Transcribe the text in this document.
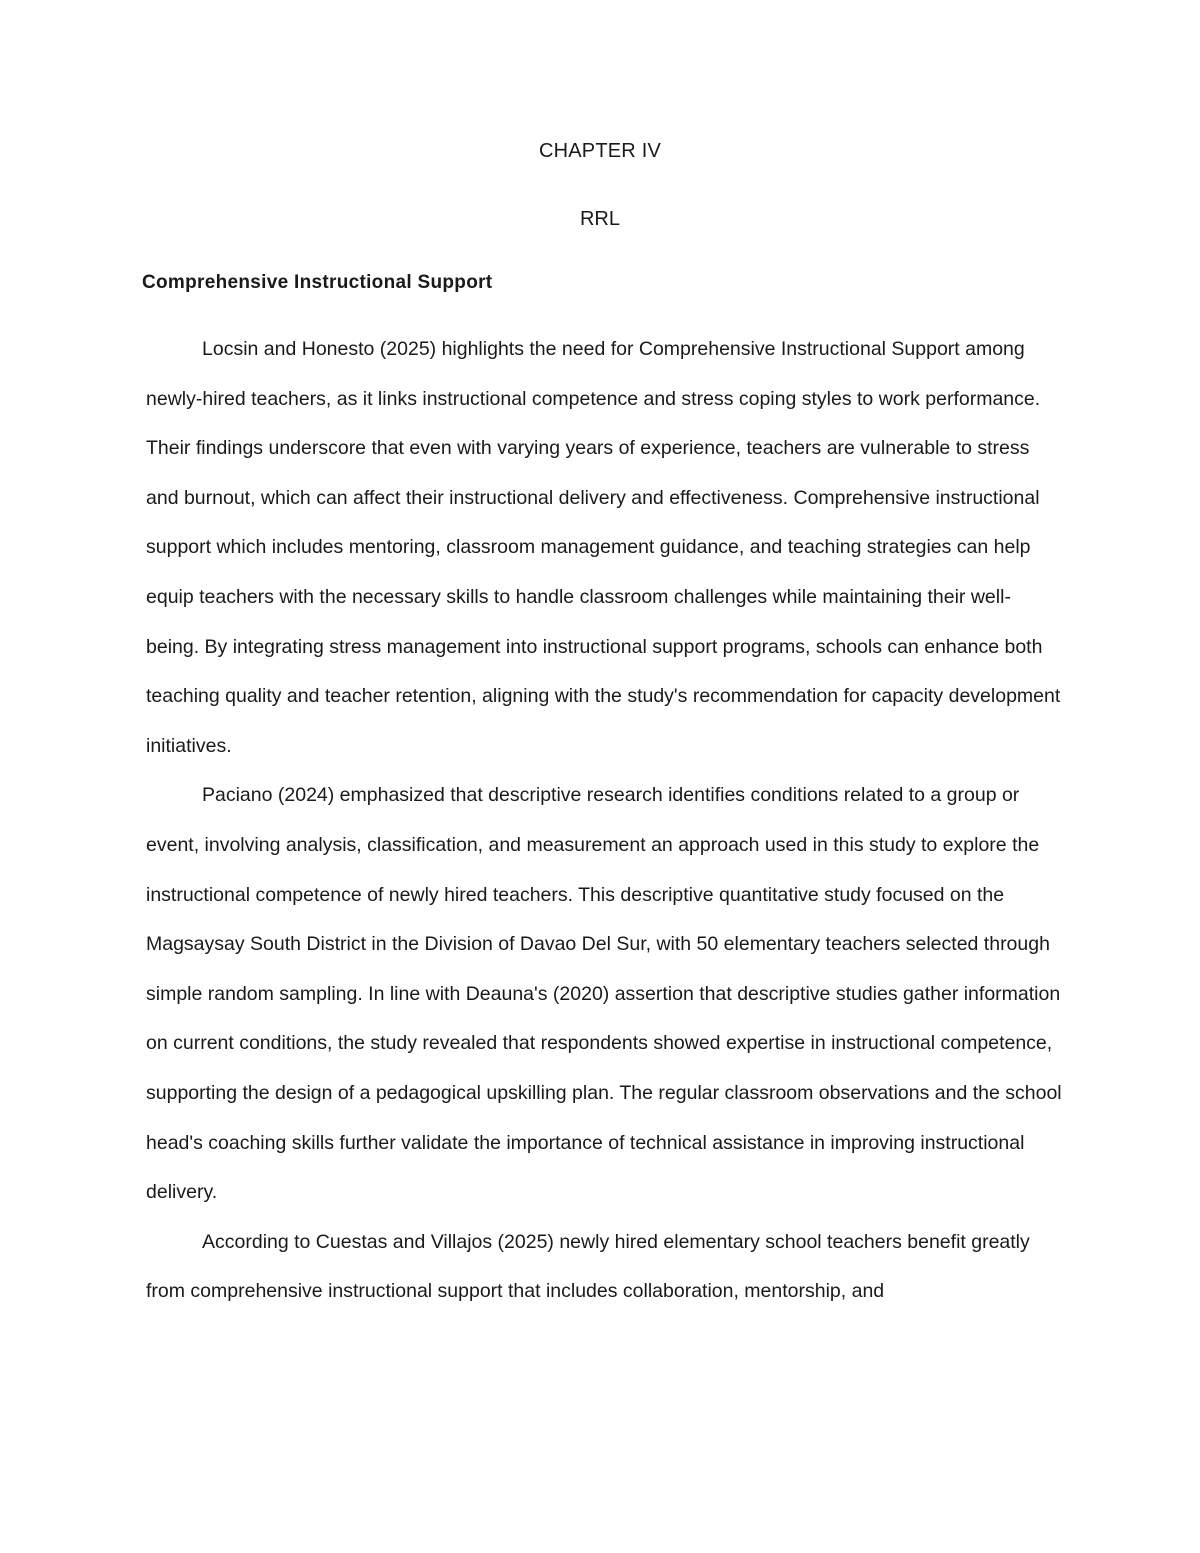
CHAPTER IV
RRL
Comprehensive Instructional Support

Locsin and Honesto (2025) highlights the need for Comprehensive Instructional Support among newly-hired teachers, as it links instructional competence and stress coping styles to work performance. Their findings underscore that even with varying years of experience, teachers are vulnerable to stress and burnout, which can affect their instructional delivery and effectiveness. Comprehensive instructional support which includes mentoring, classroom management guidance, and teaching strategies can help equip teachers with the necessary skills to handle classroom challenges while maintaining their well-being. By integrating stress management into instructional support programs, schools can enhance both teaching quality and teacher retention, aligning with the study's recommendation for capacity development initiatives.

Paciano (2024) emphasized that descriptive research identifies conditions related to a group or event, involving analysis, classification, and measurement an approach used in this study to explore the instructional competence of newly hired teachers. This descriptive quantitative study focused on the Magsaysay South District in the Division of Davao Del Sur, with 50 elementary teachers selected through simple random sampling. In line with Deauna's (2020) assertion that descriptive studies gather information on current conditions, the study revealed that respondents showed expertise in instructional competence, supporting the design of a pedagogical upskilling plan. The regular classroom observations and the school head's coaching skills further validate the importance of technical assistance in improving instructional delivery.

According to Cuestas and Villajos (2025) newly hired elementary school teachers benefit greatly from comprehensive instructional support that includes collaboration, mentorship, and
